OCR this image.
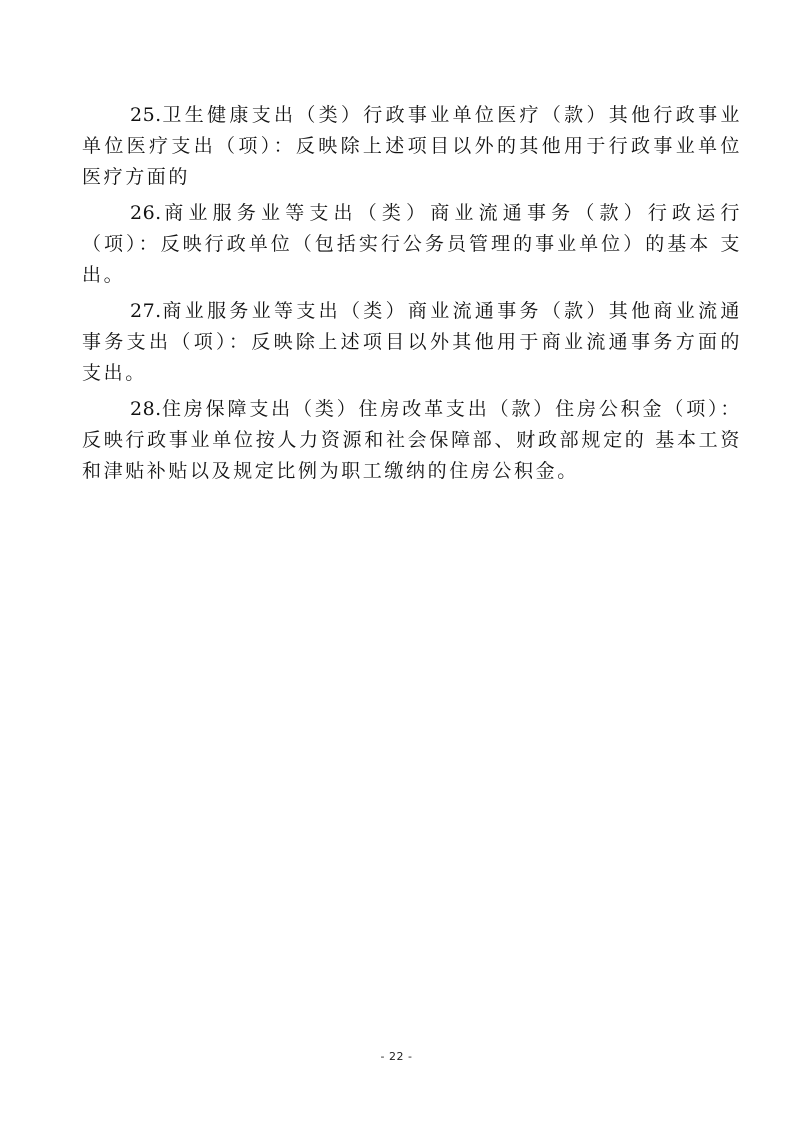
25.卫生健康支出（类）行政事业单位医疗（款）其他行政事业单位医疗支出（项）：反映除上述项目以外的其他用于行政事业单位医疗方面的

26.商业服务业等支出（类）商业流通事务（款）行政运行（项）：反映行政单位（包括实行公务员管理的事业单位）的基本 支出。

27.商业服务业等支出（类）商业流通事务（款）其他商业流通事务支出（项）：反映除上述项目以外其他用于商业流通事务方面的支出。

28.住房保障支出（类）住房改革支出（款）住房公积金（项）：反映行政事业单位按人力资源和社会保障部、财政部规定的 基本工资和津贴补贴以及规定比例为职工缴纳的住房公积金。

- 22 -
